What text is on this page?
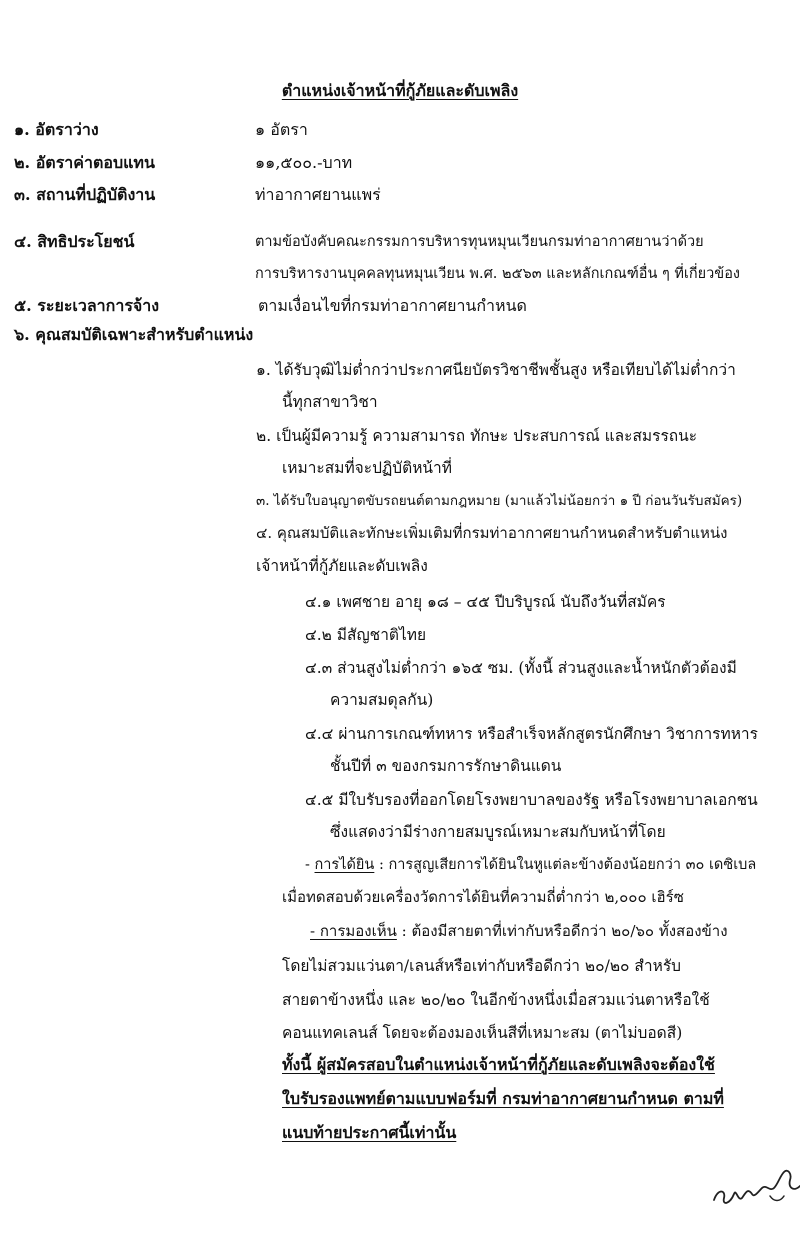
ตำแหน่งเจ้าหน้าที่กู้ภัยและดับเพลิง
๑. อัตราว่าง	๑ อัตรา
๒. อัตราค่าตอบแทน	๑๑,๕๐๐.-บาท
๓. สถานที่ปฏิบัติงาน	ท่าอากาศยานแพร่
๔. สิทธิประโยชน์	ตามข้อบังคับคณะกรรมการบริหารทุนหมุนเวียนกรมท่าอากาศยานว่าด้วย
การบริหารงานบุคคลทุนหมุนเวียน พ.ศ. ๒๕๖๓ และหลักเกณฑ์อื่น ๆ ที่เกี่ยวข้อง
๕. ระยะเวลาการจ้าง	ตามเงื่อนไขที่กรมท่าอากาศยานกำหนด
๖. คุณสมบัติเฉพาะสำหรับตำแหน่ง
๑. ได้รับวุฒิไม่ต่ำกว่าประกาศนียบัตรวิชาชีพชั้นสูง หรือเทียบได้ไม่ต่ำกว่า
นี้ทุกสาขาวิชา
๒. เป็นผู้มีความรู้ ความสามารถ ทักษะ ประสบการณ์ และสมรรถนะ
เหมาะสมที่จะปฏิบัติหน้าที่
๓. ได้รับใบอนุญาตขับรถยนต์ตามกฎหมาย (มาแล้วไม่น้อยกว่า ๑ ปี ก่อนวันรับสมัคร)
๔. คุณสมบัติและทักษะเพิ่มเติมที่กรมท่าอากาศยานกำหนดสำหรับตำแหน่ง
เจ้าหน้าที่กู้ภัยและดับเพลิง
๔.๑ เพศชาย อายุ ๑๘ – ๔๕ ปีบริบูรณ์ นับถึงวันที่สมัคร
๔.๒ มีสัญชาติไทย
๔.๓ ส่วนสูงไม่ต่ำกว่า ๑๖๕ ซม. (ทั้งนี้ ส่วนสูงและน้ำหนักตัวต้องมี
ความสมดุลกัน)
๔.๔ ผ่านการเกณฑ์ทหาร หรือสำเร็จหลักสูตรนักศึกษา วิชาการทหาร
ชั้นปีที่ ๓ ของกรมการรักษาดินแดน
๔.๕ มีใบรับรองที่ออกโดยโรงพยาบาลของรัฐ หรือโรงพยาบาลเอกชน
ซึ่งแสดงว่ามีร่างกายสมบูรณ์เหมาะสมกับหน้าที่โดย
- การได้ยิน : การสูญเสียการได้ยินในหูแต่ละข้างต้องน้อยกว่า ๓๐ เดซิเบล
เมื่อทดสอบด้วยเครื่องวัดการได้ยินที่ความถี่ต่ำกว่า ๒,๐๐๐ เฮิร์ซ
- การมองเห็น : ต้องมีสายตาที่เท่ากับหรือดีกว่า ๒๐/๖๐ ทั้งสองข้าง
โดยไม่สวมแว่นตา/เลนส์หรือเท่ากับหรือดีกว่า ๒๐/๒๐ สำหรับ
สายตาข้างหนึ่ง และ ๒๐/๒๐ ในอีกข้างหนึ่งเมื่อสวมแว่นตาหรือใช้
คอนแทคเลนส์ โดยจะต้องมองเห็นสีที่เหมาะสม (ตาไม่บอดสี)
ทั้งนี้ ผู้สมัครสอบในตำแหน่งเจ้าหน้าที่กู้ภัยและดับเพลิงจะต้องใช้
ใบรับรองแพทย์ตามแบบฟอร์มที่ กรมท่าอากาศยานกำหนด ตามที่
แนบท้ายประกาศนี้เท่านั้น
